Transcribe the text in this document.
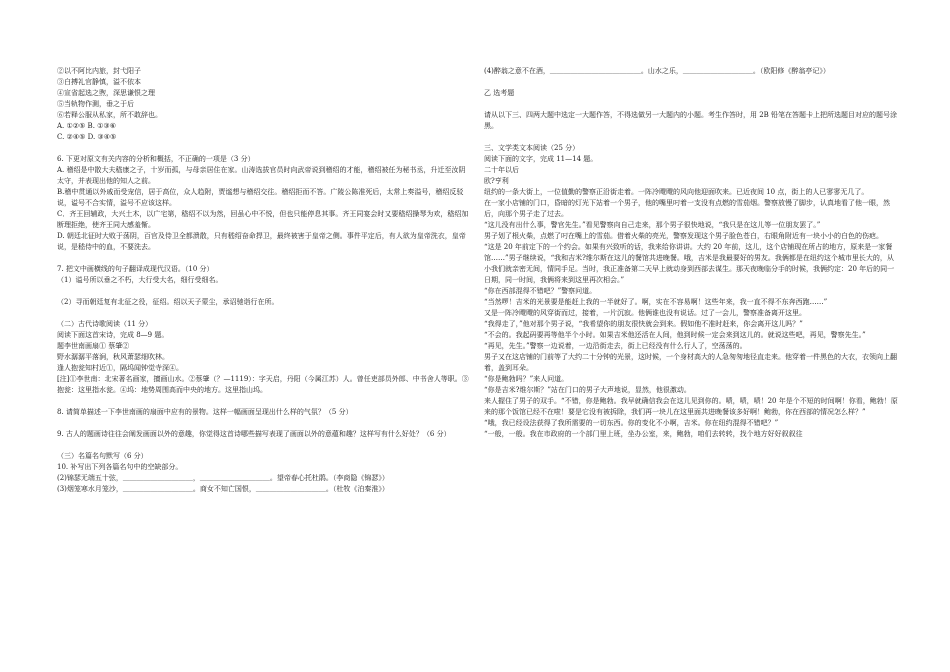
②以不阿比内旅，封弋阳子

③白搏礼官静慎，溢不依本

④宣省起选之煦，深思谦恨之理

⑤当轨物作測，垂之于后

⑥若释公服从私家，所不敢辞也。

A. ①②⑤ B. ①③⑥

C. ②④⑤ D. ③④⑤

6. 下更对原文有关内容的分析和概括，不正确的一项是（3 分）

A. 稽绍是中散大夫嵇康之子，十岁而孤，与母亲居住在家。山涛选拔官员时向武帝说到稽绍的才能，稽绍被任为秘书丞，升迁至汝阴太守，并表现出他的知人之前。

B.稽中贯通以外戚而受宠信，居于高位，众人趋附，贾谧想与稽绍交往。稽绍拒而不答。广陵公陈准死后，太常上奏溢号，稽绍反驳说，谥号不合实情，溢号不应该这样。

C．齐王回辅政，大兴土木，以广宅第，嵇绍不以为然，回虽心中不悦，但也只能停息其事。齐王同宴会时又要嵇绍操琴为欢，嵇绍加断理拒绝，使齐王同大感羞惭。

D. 朝廷北征时大败于荡阴，百官及侍卫全都溃散，只有嵇绍奋命捍卫，最终被害于皇帝之侧。事件平定后，有人欲为皇帝洗衣，皇帝说，是嵇侍中的血，不要洗去。

7. 把文中画横线的句子翻译成现代汉语。（10 分）

（1）谥号所以垂之不朽，大行受大名，细行受细名。

（2）寻而朝廷复有北征之役，征绍。绍以天子蒙尘，承诏驰诣行在所。

（二）古代诗歌阅读（11 分）

阅读下面这首宋诗，完成 8—9 题。

题李世南画扇① 蔡肇②

野水潺潺平落涧，秋风萧瑟细吹林。

逢人抱瓮知村近①，隔坞闻钟觉寺深④。

[注]①李世南：北宋著名画家，擅画山水。②蔡肇（？—1119）：字天启，丹阳（今属江苏）人。曾任吏部员外郎、中书舍人等职。③抱瓮：这里指水瓮。④坞：地势周围高而中央的地方。这里指山坞。

8. 请简单描述一下李世南画的扇面中应有的景物。这样一幅画面呈现出什么样的气氛？（5 分）

9. 古人的题画诗往往会阐发画面以外的意趣，你觉得这首诗哪些描写表现了画面以外的意蕴和趣？这样写有什么好处？（6 分）

（三）名篇名句默写（6 分）

10. 补写出下列各篇名句中的空缺部分。

(2)锦瑟无端五十弦，＿＿＿＿＿＿＿＿＿＿，＿＿＿＿＿＿＿＿＿＿。望帝春心托杜鹃。（李商隐《锦瑟》）

(3)烟笼寒水月笼沙，＿＿＿＿＿＿＿＿＿＿。商女不知亡国恨，＿＿＿＿＿＿＿＿＿＿。（杜牧《泊秦淮》）

(4)醉翁之意不在酒，＿＿＿＿＿＿＿＿＿＿＿＿＿。山水之乐，＿＿＿＿＿＿＿＿＿＿。（欧阳修《醉翁亭记》）

乙 选考题

请从以下三、四两大题中选定一大题作答，不得选做另一大题内的小题。考生作答时，用 2B 铅笔在答题卡上把所选题目对应的题号涂黑。

三、文学类文本阅读（25 分）

阅读下面的文字，完成 11—14 题。

二十年以后

欧?亨利

纽约的一条大街上，一位值勤的警察正沿街走着。一阵冷飕飕的风向他迎面吹来。已近夜间 10 点，街上的人已寥寥无几了。

在一家小店铺的门口，昏暗的灯光下站着一个男子，他的嘴里叼着一支没有点燃的雪茄烟。警察放慢了脚步，认真地看了他一眼，然后，向那个男子走了过去。

“这儿没有出什么事，警官先生。”看见警察向自己走来，那个男子很快地说，“我只是在这儿等一位朋友罢了。”

男子划了根火柴，点燃了叼在嘴上的雪茄。借着火柴的亮光，警察发现这个男子脸色苍白，右眼角附近有一块小小的白色的伤疤。

“这是 20 年前定下的一个约会。如果有兴致听的话，我来给你讲讲。大约 20 年前，这儿，这个店铺现在所占的地方，原来是一家餐馆……”男子继续说，“我和吉米?维尔斯在这儿的餐馆共进晚餐。哦，吉米是我最要好的男友。我俩都是在纽约这个城市里长大的，从小我们就亲密无间，情同手足。当时，我正准备第二天早上就动身到西部去谋生。那天夜晚临分手的时候，我俩约定：20 年后的同一日期，同一时间，我俩将来到这里再次相会。”

“你在西部混得不错吧？”警察问道。

“当然啰！吉米的光景要是能赶上我的一半就好了。啊，实在不容易啊！这些年来，我一直不得不东奔西跑……”

又是一阵冷飕飕的风穿街而过，接着，一片沉寂。他俩谁也没有说话。过了一会儿，警察准备离开这里。

“我得走了，”他对那个男子说，“我希望你的朋友很快就会到来。假如他不准时赶来，你会离开这儿吗？”

“不会的。我起码要再等他半个小时。如果吉米他还活在人间，他到时候一定会来到这儿的。就说这些吧，再见，警察先生。”

“再见，先生。”警察一边说着，一边沿街走去，街上已经没有什么行人了，空荡荡的。

男子又在这店铺的门前等了大约二十分钟的光景，这时候，一个身材高大的人急匆匆地径直走来。他穿着一件黑色的大衣，衣领向上翻着，盖到耳朵。

“你是鲍勃吗？”来人问道。

“你是吉米?维尔斯？”站在门口的男子大声地说，显然，他很激动。

来人握住了男子的双手。“不错，你是鲍勃。我早就确信我会在这儿见到你的。啧，啧，啧！20 年是个不短的时间啊！你看，鲍勃！原来的那个饭馆已经不在啦！要是它没有被拆除，我们再一块儿在这里面共进晚餐该多好啊！鲍勃，你在西部的情况怎么样？”

“哦，我已经设法获得了我所需要的一切东西。你的变化不小啊，吉米。你在纽约混得不错吧？”

“一般，一般。我在市政府的一个部门里上班，坐办公室，来，鲍勃，咱们去转转，找个地方好好叙叙往
